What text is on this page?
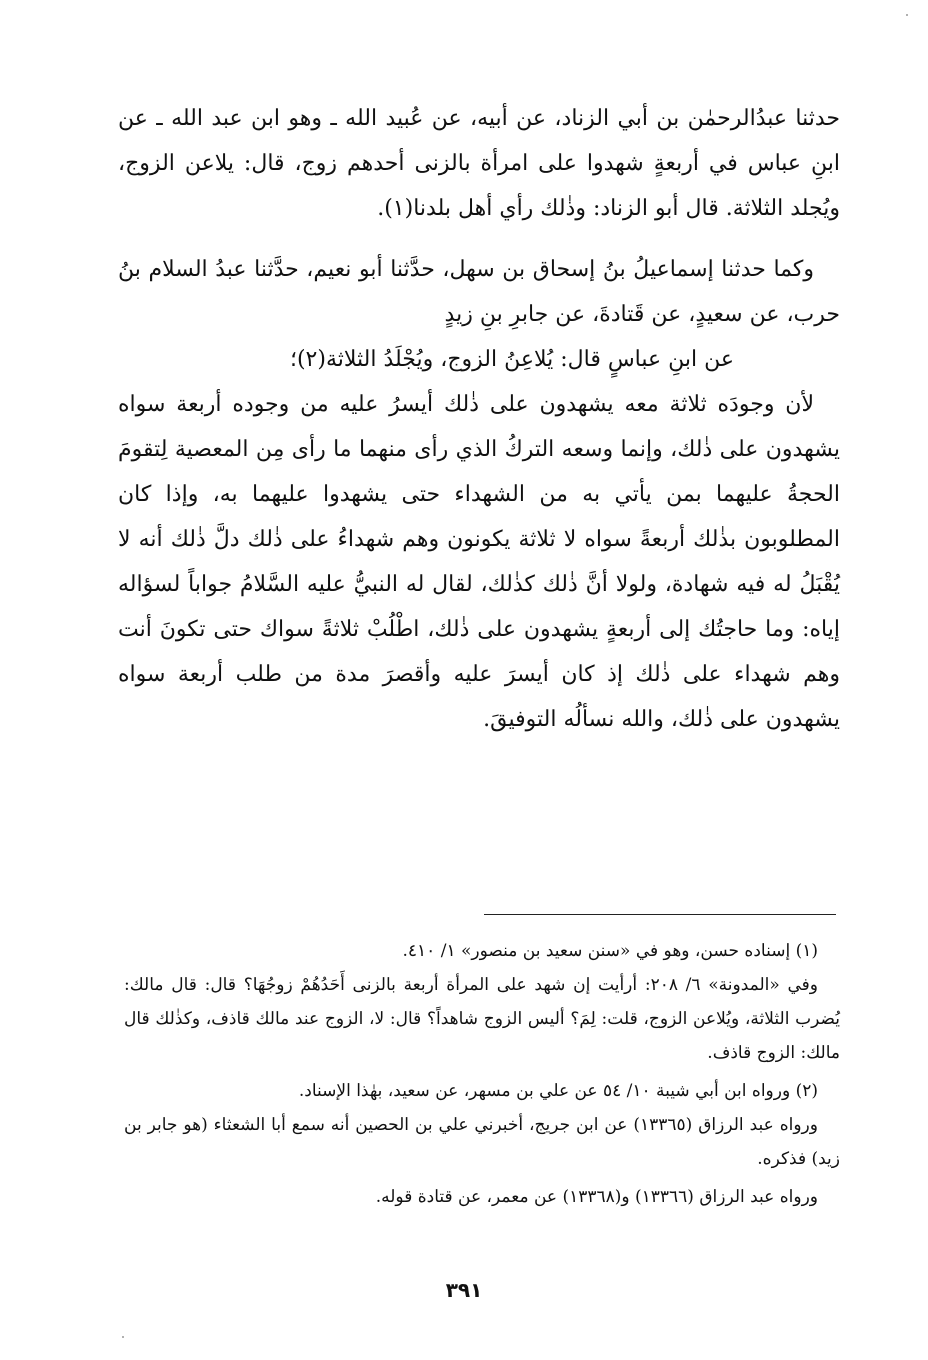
حدثنا عبدُالرحمٰن بن أبي الزناد، عن أبيه، عن عُبيد الله ـ وهو ابن عبد الله ـ عن ابنِ عباس في أربعةٍ شهدوا على امرأة بالزنى أحدهم زوج، قال: يلاعن الزوج، ويُجلد الثلاثة. قال أبو الزناد: وذٰلك رأي أهل بلدنا(١).

وكما حدثنا إسماعيلُ بنُ إسحاق بن سهل، حدَّثنا أبو نعيم، حدَّثنا عبدُ السلام بنُ حرب، عن سعيدٍ، عن قَتادةَ، عن جابرِ بنِ زيدٍ

عن ابنِ عباسٍ قال: يُلاعِنُ الزوج، ويُجْلَدُ الثلاثة(٢)؛

لأن وجودَه ثلاثة معه يشهدون على ذٰلك أيسرُ عليه من وجوده أربعة سواه يشهدون على ذٰلك، وإنما وسعه التركُ الذي رأى منهما ما رأى مِن المعصية لِتقومَ الحجةُ عليهما بمن يأتي به من الشهداء حتى يشهدوا عليهما به، وإذا كان المطلوبون بذٰلك أربعةً سواه لا ثلاثة يكونون وهم شهداءُ على ذٰلك دلَّ ذٰلك أنه لا يُقْبَلُ له فيه شهادة، ولولا أنَّ ذٰلك كذٰلك، لقال له النبيُّ عليه السَّلامُ جواباً لسؤاله إياه: وما حاجتُك إلى أربعةٍ يشهدون على ذٰلك، اطْلُبْ ثلاثةً سواك حتى تكونَ أنت وهم شهداء على ذٰلك إذ كان أيسرَ عليه وأقصرَ مدة من طلب أربعة سواه يشهدون على ذٰلك، والله نسألُه التوفيقَ.

(١) إسناده حسن، وهو في «سنن سعيد بن منصور» ١/ ٤١٠.

وفي «المدونة» ٦/ ٢٠٨: أرأيت إن شهد على المرأة أربعة بالزنى أَحَدُهُمْ زوجُهَا؟ قال: قال مالك: يُضرب الثلاثة، ويُلاعن الزوج، قلت: لِمَ؟ أليس الزوج شاهداً؟ قال: لا، الزوج عند مالك قاذف، وكذٰلك قال مالك: الزوج قاذف.

(٢) ورواه ابن أبي شيبة ١٠/ ٥٤ عن علي بن مسهر، عن سعيد، بهٰذا الإسناد.

ورواه عبد الرزاق (١٣٣٦٥) عن ابن جريج، أخبرني علي بن الحصين أنه سمع أبا الشعثاء (هو جابر بن زيد) فذكره.

ورواه عبد الرزاق (١٣٣٦٦) و(١٣٣٦٨) عن معمر، عن قتادة قوله.

٣٩١
